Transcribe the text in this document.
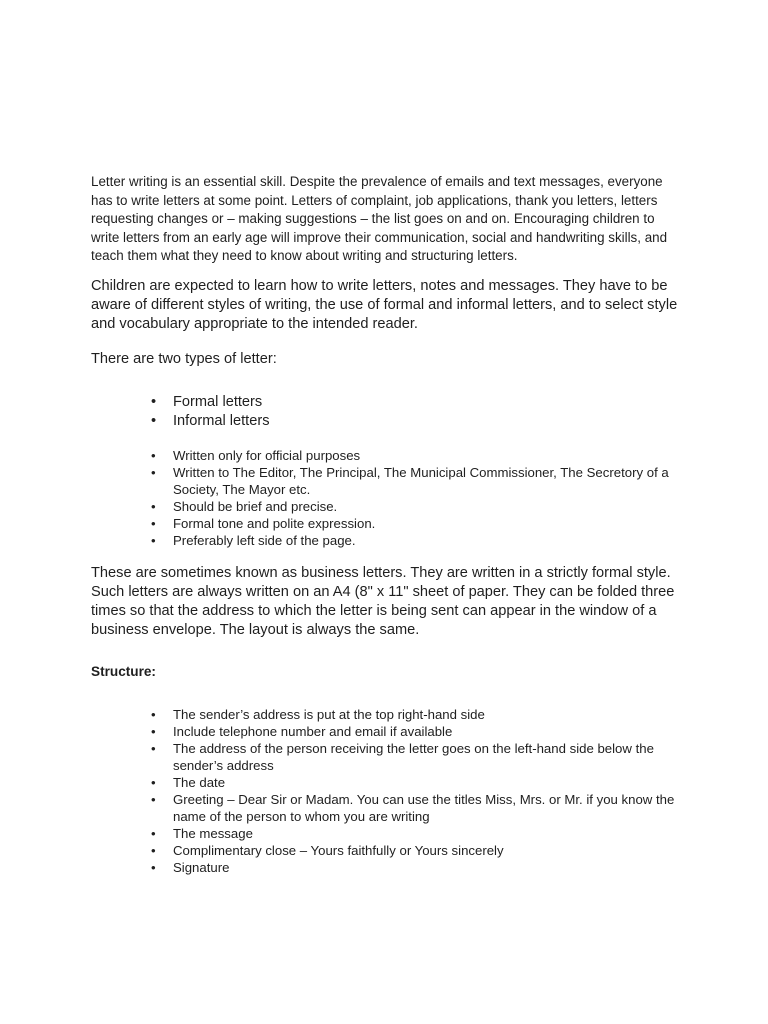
Letter writing is an essential skill. Despite the prevalence of emails and text messages, everyone has to write letters at some point. Letters of complaint, job applications, thank you letters, letters requesting changes or – making suggestions – the list goes on and on. Encouraging children to write letters from an early age will improve their communication, social and handwriting skills, and teach them what they need to know about writing and structuring letters.

Children are expected to learn how to write letters, notes and messages. They have to be aware of different styles of writing, the use of formal and informal letters, and to select style and vocabulary appropriate to the intended reader.

There are two types of letter:

• Formal letters
• Informal letters
• Written only for official purposes
• Written to The Editor, The Principal, The Municipal Commissioner, The Secretory of a Society, The Mayor etc.
• Should be brief and precise.
• Formal tone and polite expression.
• Preferably left side of the page.

These are sometimes known as business letters. They are written in a strictly formal style. Such letters are always written on an A4 (8" x 11" sheet of paper. They can be folded three times so that the address to which the letter is being sent can appear in the window of a business envelope. The layout is always the same.

Structure:

• The sender’s address is put at the top right-hand side
• Include telephone number and email if available
• The address of the person receiving the letter goes on the left-hand side below the sender’s address
• The date
• Greeting – Dear Sir or Madam. You can use the titles Miss, Mrs. or Mr. if you know the name of the person to whom you are writing
• The message
• Complimentary close – Yours faithfully or Yours sincerely
• Signature
